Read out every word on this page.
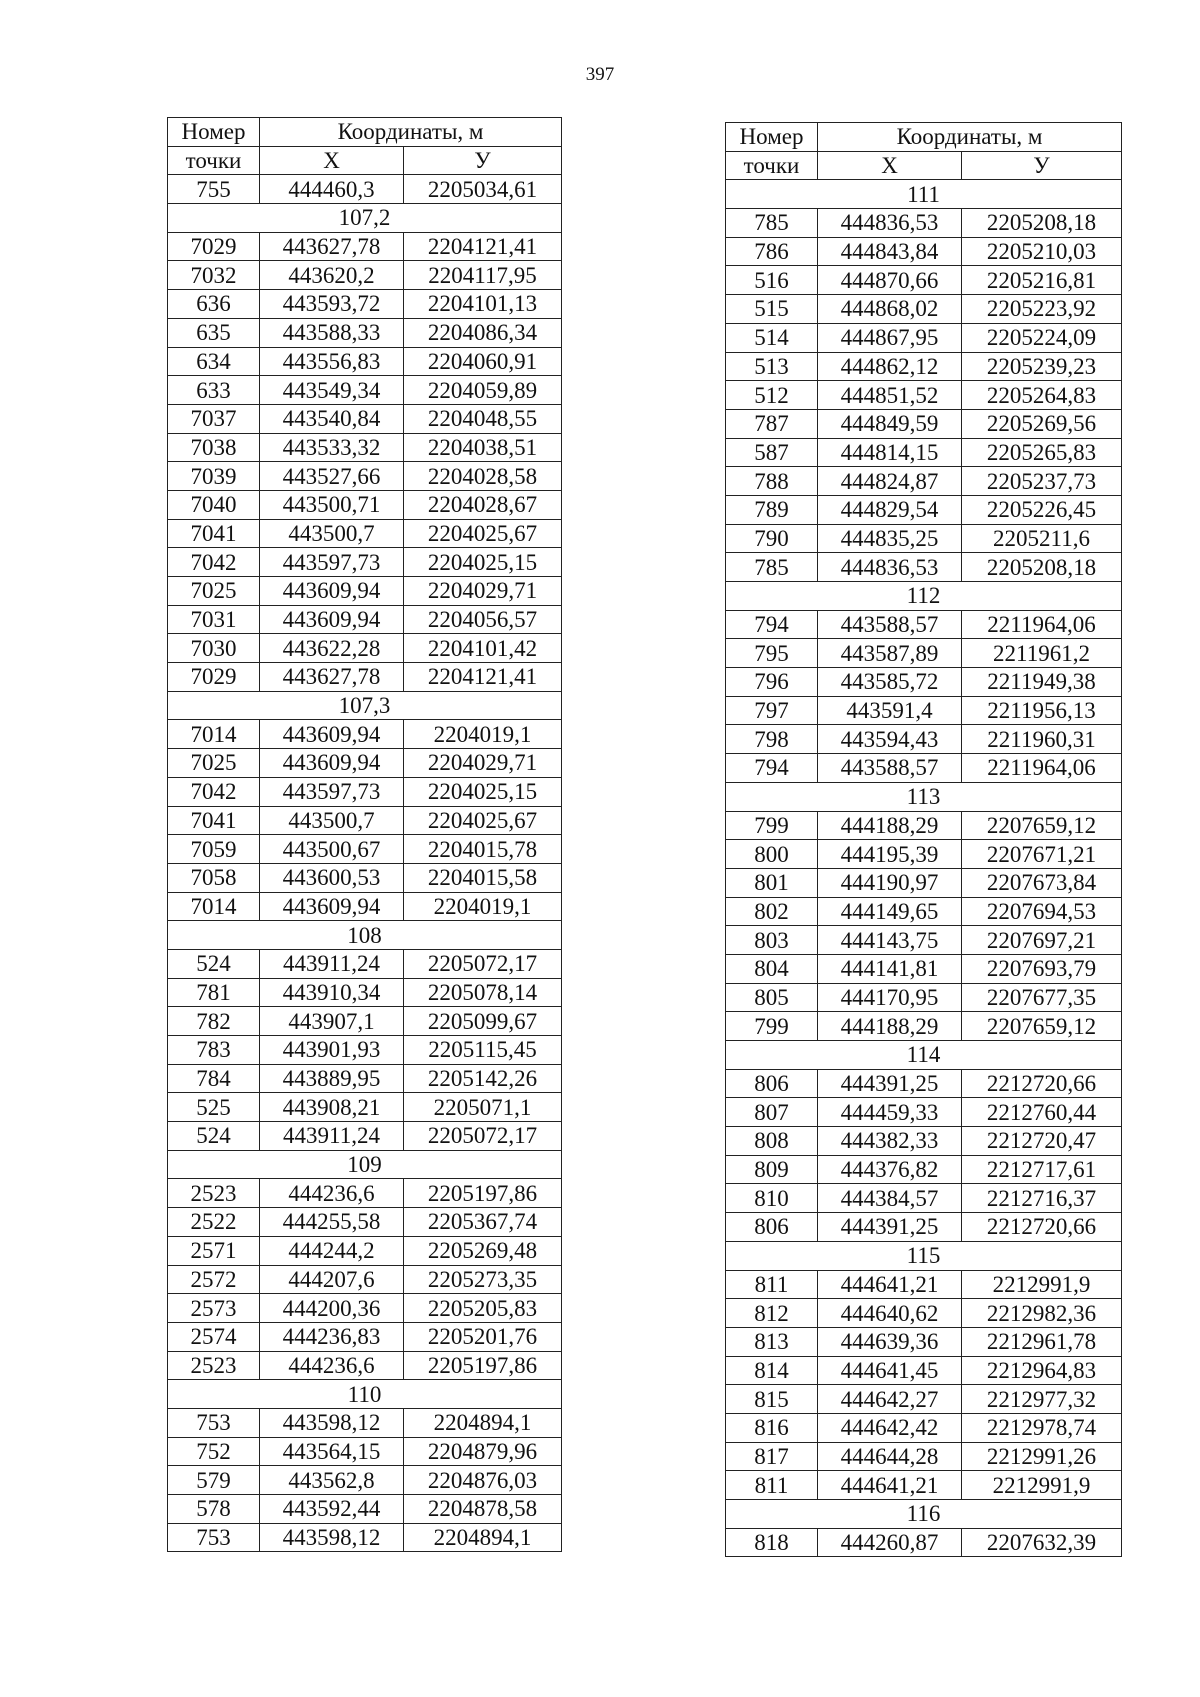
397
Номер	Координаты, м	
точки	Х	У
755	444460,3	2205034,61
107,2		
7029	443627,78	2204121,41
7032	443620,2	2204117,95
636	443593,72	2204101,13
635	443588,33	2204086,34
634	443556,83	2204060,91
633	443549,34	2204059,89
7037	443540,84	2204048,55
7038	443533,32	2204038,51
7039	443527,66	2204028,58
7040	443500,71	2204028,67
7041	443500,7	2204025,67
7042	443597,73	2204025,15
7025	443609,94	2204029,71
7031	443609,94	2204056,57
7030	443622,28	2204101,42
7029	443627,78	2204121,41
107,3		
7014	443609,94	2204019,1
7025	443609,94	2204029,71
7042	443597,73	2204025,15
7041	443500,7	2204025,67
7059	443500,67	2204015,78
7058	443600,53	2204015,58
7014	443609,94	2204019,1
108		
524	443911,24	2205072,17
781	443910,34	2205078,14
782	443907,1	2205099,67
783	443901,93	2205115,45
784	443889,95	2205142,26
525	443908,21	2205071,1
524	443911,24	2205072,17
109		
2523	444236,6	2205197,86
2522	444255,58	2205367,74
2571	444244,2	2205269,48
2572	444207,6	2205273,35
2573	444200,36	2205205,83
2574	444236,83	2205201,76
2523	444236,6	2205197,86
110		
753	443598,12	2204894,1
752	443564,15	2204879,96
579	443562,8	2204876,03
578	443592,44	2204878,58
753	443598,12	2204894,1
Номер	Координаты, м	
точки	Х	У
111		
785	444836,53	2205208,18
786	444843,84	2205210,03
516	444870,66	2205216,81
515	444868,02	2205223,92
514	444867,95	2205224,09
513	444862,12	2205239,23
512	444851,52	2205264,83
787	444849,59	2205269,56
587	444814,15	2205265,83
788	444824,87	2205237,73
789	444829,54	2205226,45
790	444835,25	2205211,6
785	444836,53	2205208,18
112		
794	443588,57	2211964,06
795	443587,89	2211961,2
796	443585,72	2211949,38
797	443591,4	2211956,13
798	443594,43	2211960,31
794	443588,57	2211964,06
113		
799	444188,29	2207659,12
800	444195,39	2207671,21
801	444190,97	2207673,84
802	444149,65	2207694,53
803	444143,75	2207697,21
804	444141,81	2207693,79
805	444170,95	2207677,35
799	444188,29	2207659,12
114		
806	444391,25	2212720,66
807	444459,33	2212760,44
808	444382,33	2212720,47
809	444376,82	2212717,61
810	444384,57	2212716,37
806	444391,25	2212720,66
115		
811	444641,21	2212991,9
812	444640,62	2212982,36
813	444639,36	2212961,78
814	444641,45	2212964,83
815	444642,27	2212977,32
816	444642,42	2212978,74
817	444644,28	2212991,26
811	444641,21	2212991,9
116		
818	444260,87	2207632,39
